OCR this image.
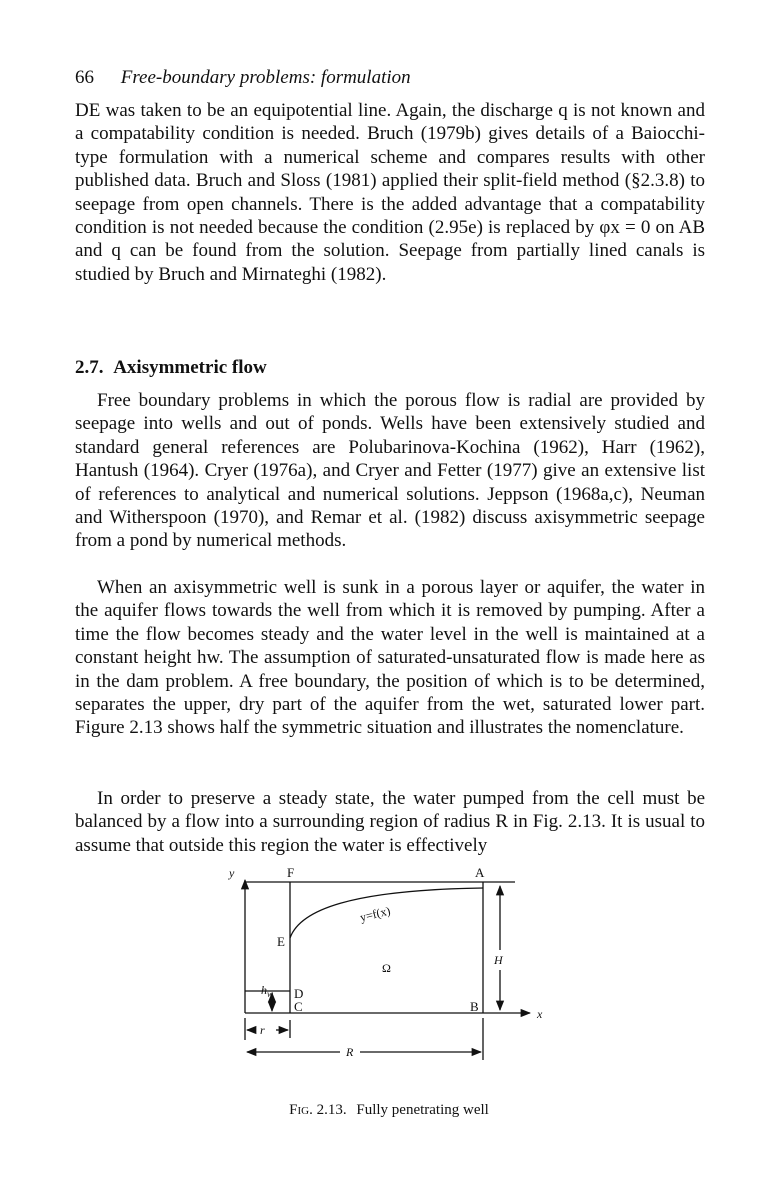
66 Free-boundary problems: formulation

DE was taken to be an equipotential line. Again, the discharge q is not known and a compatability condition is needed. Bruch (1979b) gives details of a Baiocchi-type formulation with a numerical scheme and compares results with other published data. Bruch and Sloss (1981) applied their split-field method (§2.3.8) to seepage from open channels. There is the added advantage that a compatability condition is not needed because the condition (2.95e) is replaced by φx = 0 on AB and q can be found from the solution. Seepage from partially lined canals is studied by Bruch and Mirnateghi (1982).

2.7. Axisymmetric flow

Free boundary problems in which the porous flow is radial are provided by seepage into wells and out of ponds. Wells have been extensively studied and standard general references are Polubarinova-Kochina (1962), Harr (1962), Hantush (1964). Cryer (1976a), and Cryer and Fetter (1977) give an extensive list of references to analytical and numerical solutions. Jeppson (1968a,c), Neuman and Witherspoon (1970), and Remar et al. (1982) discuss axisymmetric seepage from a pond by numerical methods.

When an axisymmetric well is sunk in a porous layer or aquifer, the water in the aquifer flows towards the well from which it is removed by pumping. After a time the flow becomes steady and the water level in the well is maintained at a constant height hw. The assumption of saturated-unsaturated flow is made here as in the dam problem. A free boundary, the position of which is to be determined, separates the upper, dry part of the aquifer from the wet, saturated lower part. Figure 2.13 shows half the symmetric situation and illustrates the nomenclature.

In order to preserve a steady state, the water pumped from the cell must be balanced by a flow into a surrounding region of radius R in Fig. 2.13. It is usual to assume that outside this region the water is effectively

y	F	A
E
D
C	B
y=f(x)
Ω
H
$h_w$
x
r
R
Fig. 2.13. Fully penetrating well
